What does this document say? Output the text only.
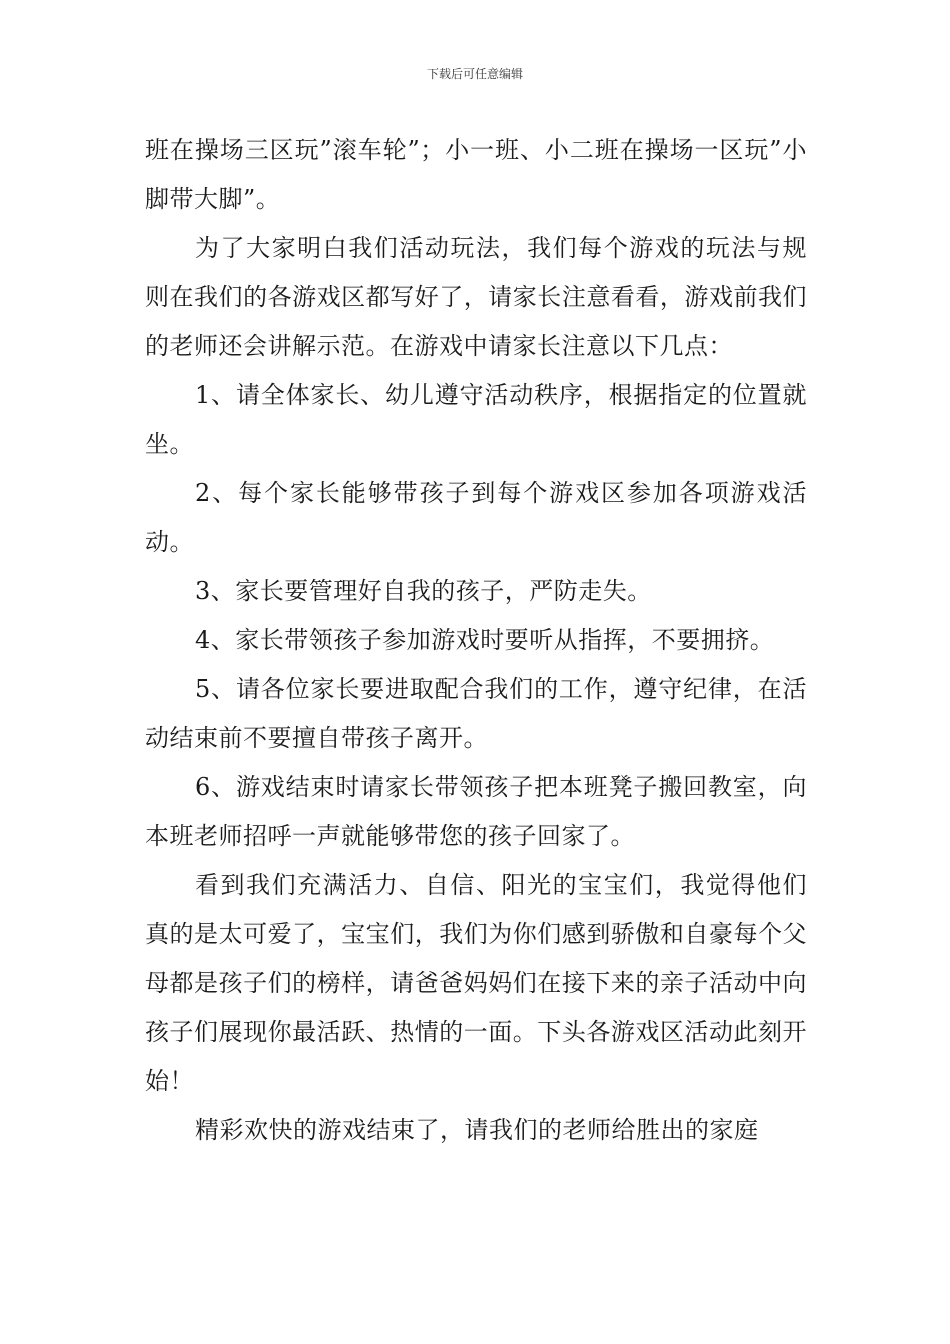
下载后可任意编辑

班在操场三区玩”滚车轮”；小一班、小二班在操场一区玩”小脚带大脚”。

为了大家明白我们活动玩法，我们每个游戏的玩法与规则在我们的各游戏区都写好了，请家长注意看看，游戏前我们的老师还会讲解示范。在游戏中请家长注意以下几点：

1、请全体家长、幼儿遵守活动秩序，根据指定的位置就坐。

2、每个家长能够带孩子到每个游戏区参加各项游戏活动。

3、家长要管理好自我的孩子，严防走失。

4、家长带领孩子参加游戏时要听从指挥，不要拥挤。

5、请各位家长要进取配合我们的工作，遵守纪律，在活动结束前不要擅自带孩子离开。

6、游戏结束时请家长带领孩子把本班凳子搬回教室，向本班老师招呼一声就能够带您的孩子回家了。

看到我们充满活力、自信、阳光的宝宝们，我觉得他们真的是太可爱了，宝宝们，我们为你们感到骄傲和自豪每个父母都是孩子们的榜样，请爸爸妈妈们在接下来的亲子活动中向孩子们展现你最活跃、热情的一面。下头各游戏区活动此刻开始！

精彩欢快的游戏结束了，请我们的老师给胜出的家庭
